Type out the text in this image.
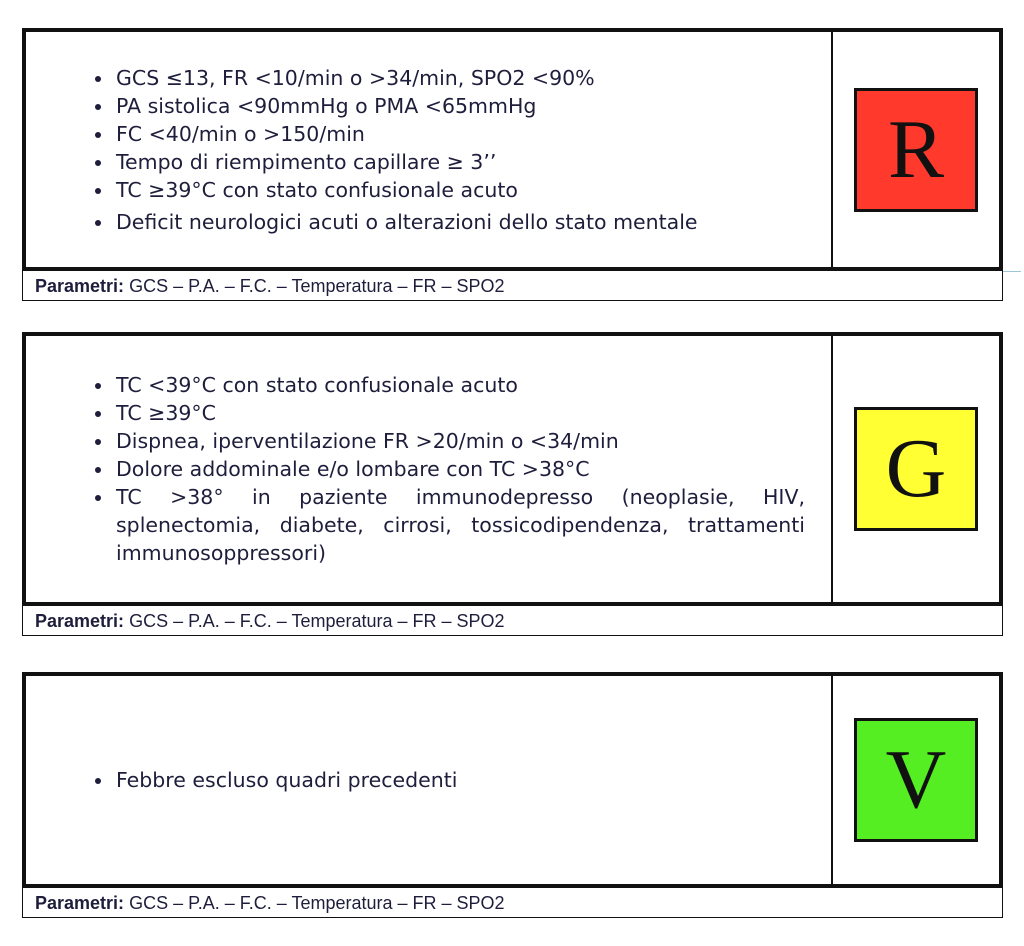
• GCS ≤13, FR <10/min o >34/min, SPO2 <90%
• PA sistolica <90mmHg o PMA <65mmHg
• FC <40/min o >150/min
• Tempo di riempimento capillare ≥ 3’’
• TC ≥39°C con stato confusionale acuto
• Deficit neurologici acuti o alterazioni dello stato mentale
R
Parametri: GCS – P.A. – F.C. – Temperatura – FR – SPO2
• TC <39°C con stato confusionale acuto
• TC ≥39°C
• Dispnea, iperventilazione FR >20/min o <34/min
• Dolore addominale e/o lombare con TC >38°C
• TC >38° in paziente immunodepresso (neoplasie, HIV, splenectomia, diabete, cirrosi, tossicodipendenza, trattamenti immunosoppressori)
G
Parametri: GCS – P.A. – F.C. – Temperatura – FR – SPO2
• Febbre escluso quadri precedenti	V
Parametri: GCS – P.A. – F.C. – Temperatura – FR – SPO2
